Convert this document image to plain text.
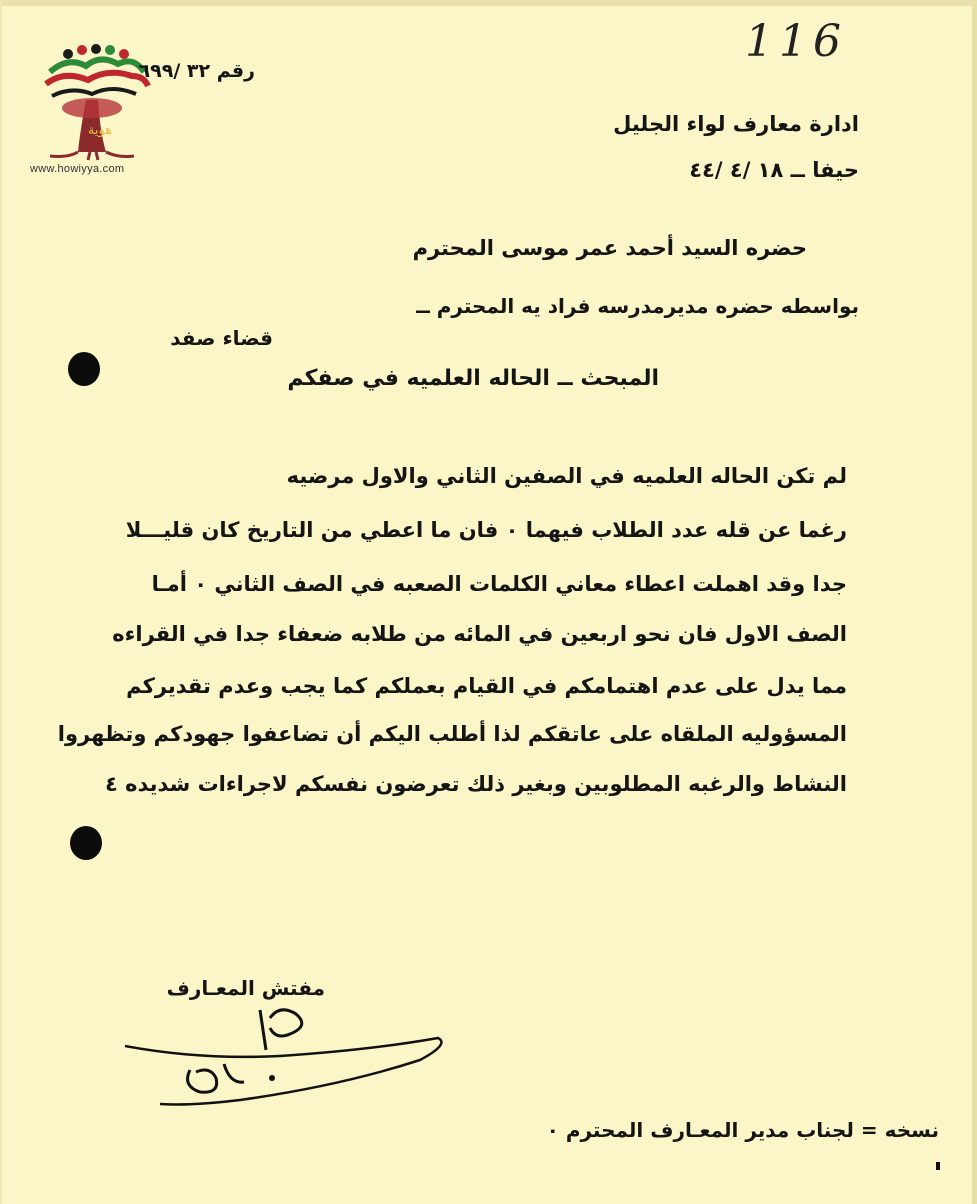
هوية
www.howiyya.com
116
رقم ٣٢ /٦٩٩
ادارة معارف لواء الجليل
حيفا ــ ١٨ /٤ /٤٤
حضره السيد أحمد عمر موسى المحترم
بواسطه حضره مديرمدرسه فراد يه المحترم ــ
قضاء صفد
المبحث ــ الحاله العلميه في صفكم
لم تكن الحاله العلميه في الصفين الثاني والاول مرضيه
رغما عن قله عدد الطلاب فيهما ٠ فان ما اعطي من التاريخ كان قليـــلا
جدا وقد اهملت اعطاء معاني الكلمات الصعبه في الصف الثاني ٠ أمـا
الصف الاول فان نحو اربعين في المائه من طلابه ضعفاء جدا في القراءه
مما يدل على عدم اهتمامكم في القيام بعملكم كما يجب وعدم تقديركم
المسؤوليه الملقاه على عاتقكم لذا أطلب اليكم أن تضاعفوا جهودكم وتظهروا
النشاط والرغبه المطلوبين وبغير ذلك تعرضون نفسكم لاجراءات شديده ٤
مفتش المعـارف
نسخه = لجناب مدير المعـارف المحترم ٠
